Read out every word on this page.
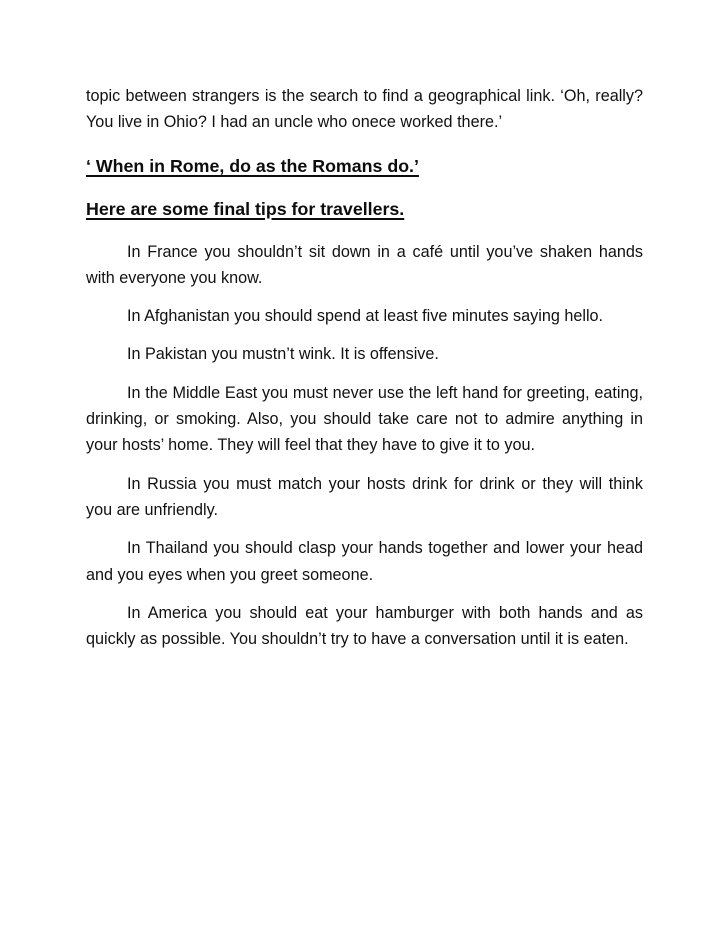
topic between strangers is the search to find a geographical link. ‘Oh, really? You live in Ohio? I had an uncle who onece worked there.’

‘ When in Rome, do as the Romans do.’

Here are some final tips for travellers.

In France you shouldn’t sit down in a café until you’ve shaken hands with everyone you know.

In Afghanistan you should spend at least five minutes saying hello.

In Pakistan you mustn’t wink. It is offensive.

In the Middle East you must never use the left hand for greeting, eating, drinking, or smoking. Also, you should take care not to admire anything in your hosts’ home. They will feel that they have to give it to you.

In Russia you must match your hosts drink for drink or they will think you are unfriendly.

In Thailand you should clasp your hands together and lower your head and you eyes when you greet someone.

In America you should eat your hamburger with both hands and as quickly as possible. You shouldn’t try to have a conversation until it is eaten.
